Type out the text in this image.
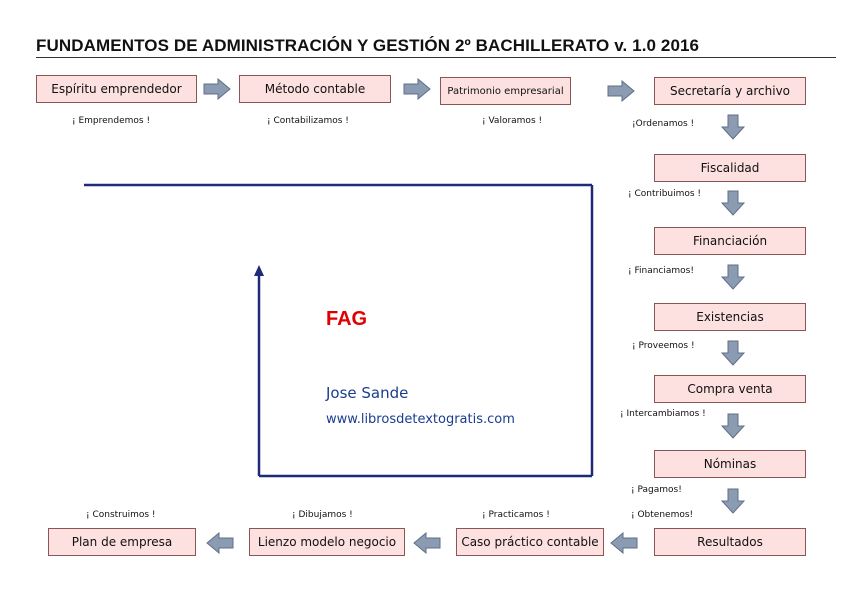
FUNDAMENTOS DE ADMINISTRACIÓN Y GESTIÓN 2º BACHILLERATO v. 1.0 2016
Espíritu emprendedor
¡ Emprendemos !
Método contable
¡ Contabilizamos !
Patrimonio empresarial
¡ Valoramos !
Secretaría y archivo
¡Ordenamos !
Fiscalidad
¡ Contribuimos !
Financiación
¡ Financiamos!
Existencias
¡ Proveemos !
Compra venta
¡ Intercambiamos !
Nóminas
¡ Pagamos!
Resultados
¡ Obtenemos!
Caso práctico contable
¡ Practicamos !
Lienzo modelo negocio
¡ Dibujamos !
Plan de empresa
¡ Construimos !
FAG
Jose Sande
www.librosdetextogratis.com
